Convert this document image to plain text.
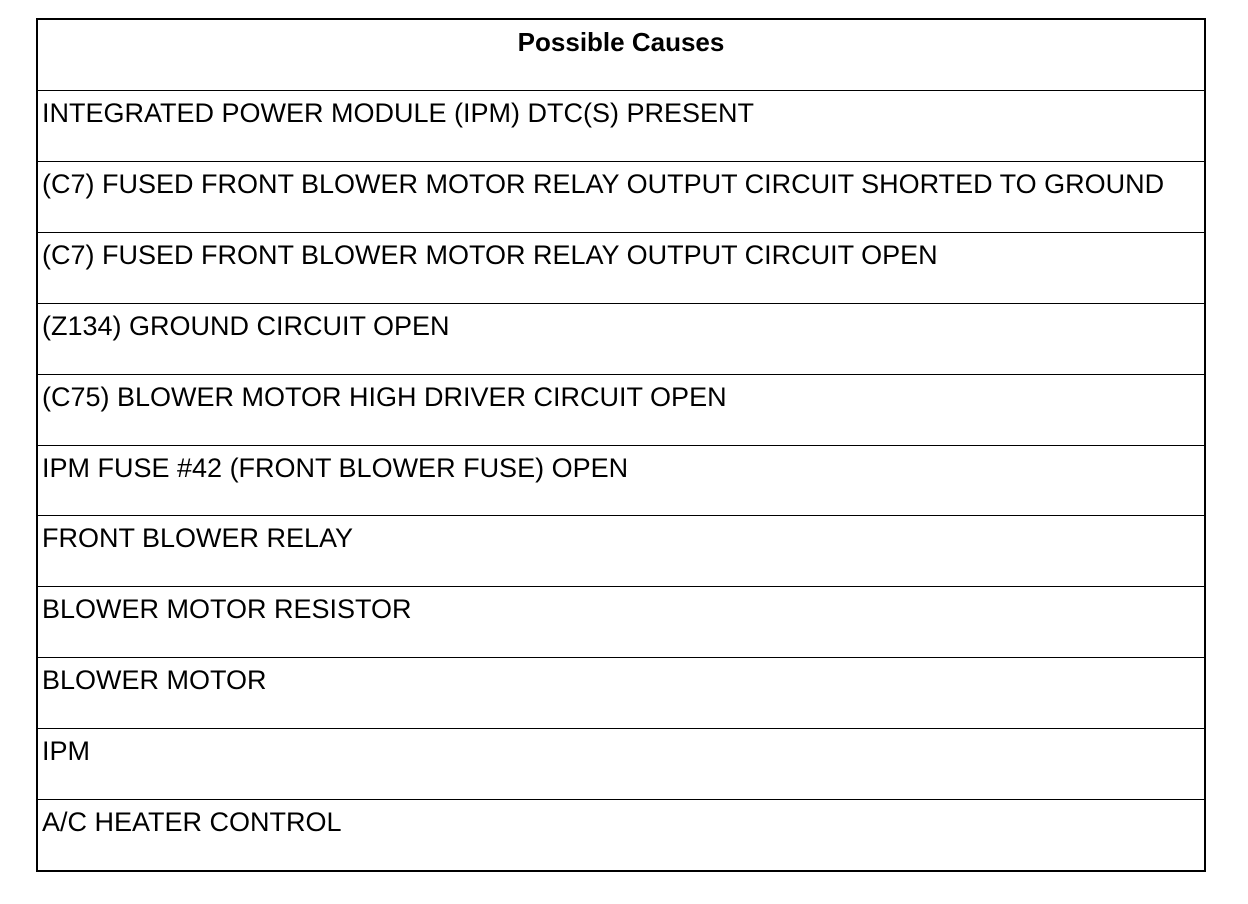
Possible Causes
INTEGRATED POWER MODULE (IPM) DTC(S) PRESENT
(C7) FUSED FRONT BLOWER MOTOR RELAY OUTPUT CIRCUIT SHORTED TO GROUND
(C7) FUSED FRONT BLOWER MOTOR RELAY OUTPUT CIRCUIT OPEN
(Z134) GROUND CIRCUIT OPEN
(C75) BLOWER MOTOR HIGH DRIVER CIRCUIT OPEN
IPM FUSE #42 (FRONT BLOWER FUSE) OPEN
FRONT BLOWER RELAY
BLOWER MOTOR RESISTOR
BLOWER MOTOR
IPM
A/C HEATER CONTROL
